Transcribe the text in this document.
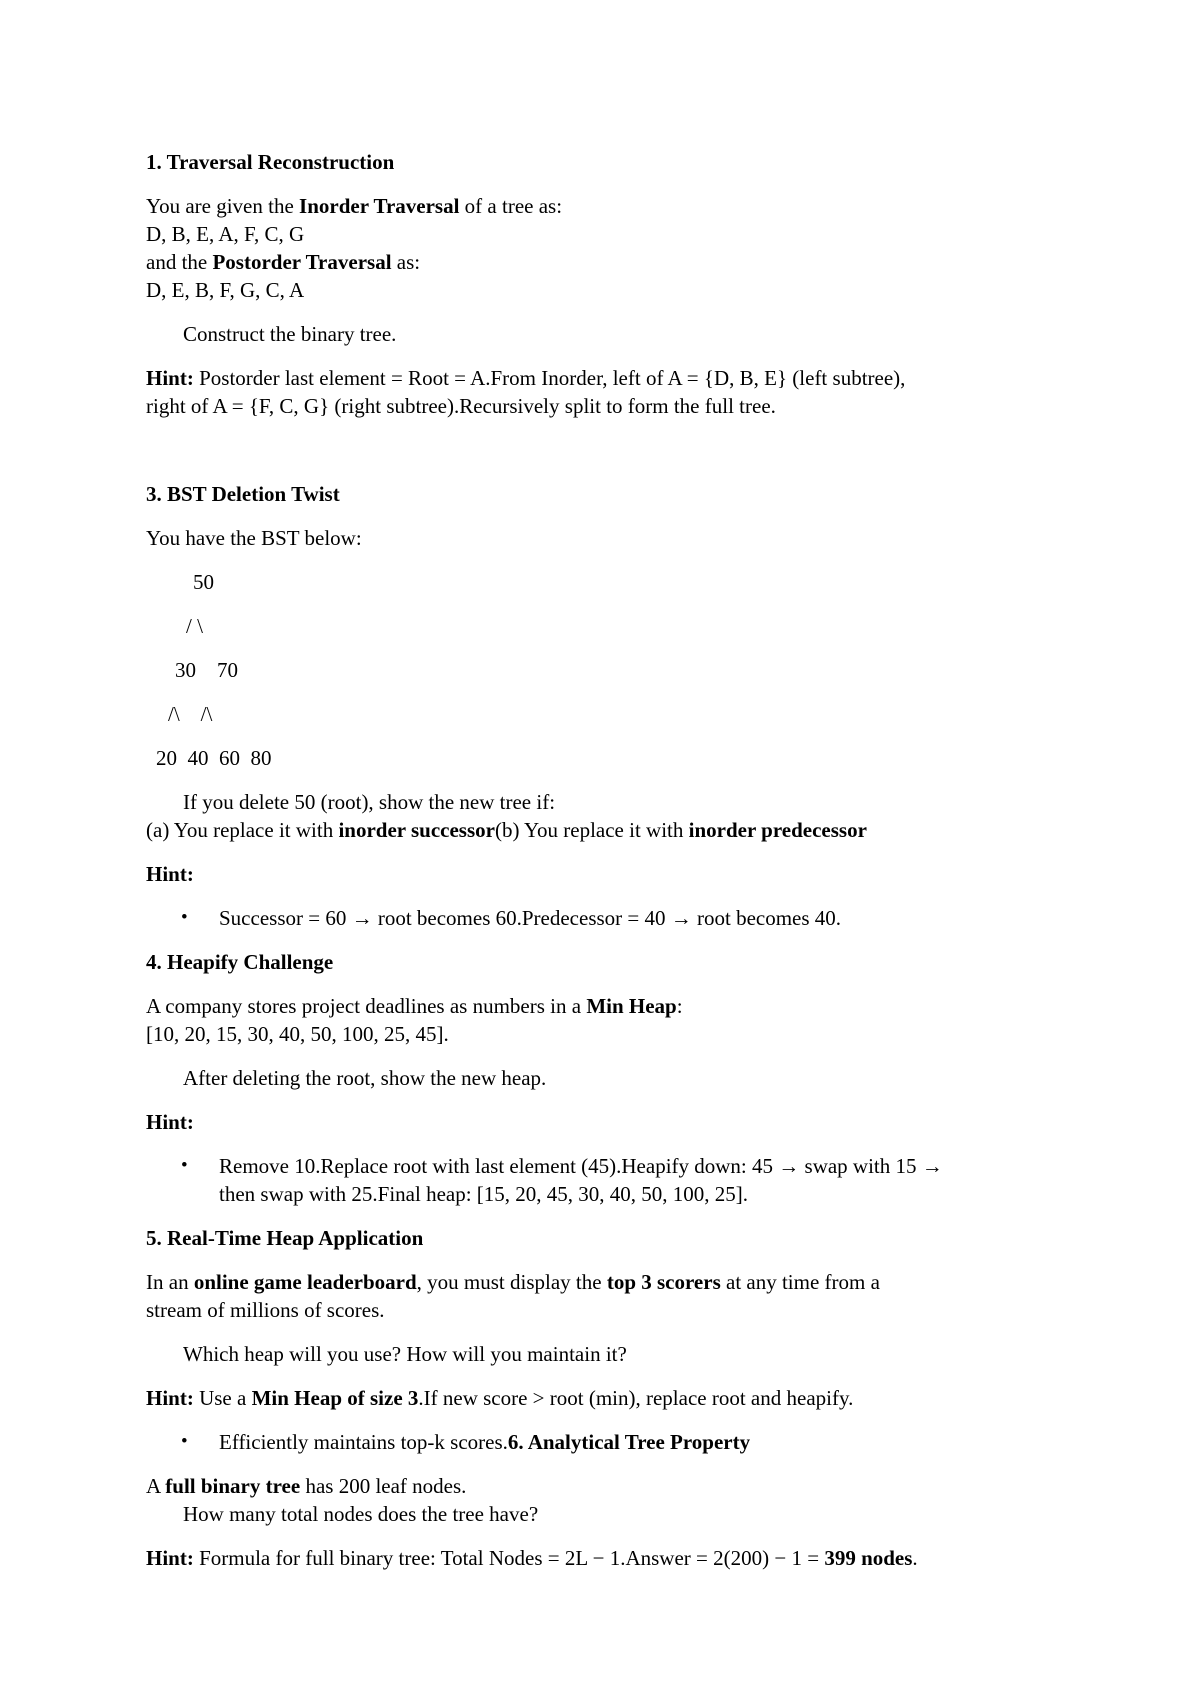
1. Traversal Reconstruction
You are given the Inorder Traversal of a tree as:
D, B, E, A, F, C, G
and the Postorder Traversal as:
D, E, B, F, G, C, A
Construct the binary tree.
Hint: Postorder last element = Root = A.From Inorder, left of A = {D, B, E} (left subtree),
right of A = {F, C, G} (right subtree).Recursively split to form the full tree.
3. BST Deletion Twist
You have the BST below:
50
/ \
30    70
/\    /\
20  40  60  80
If you delete 50 (root), show the new tree if:
(a) You replace it with inorder successor(b) You replace it with inorder predecessor
Hint:
• Successor = 60 → root becomes 60.Predecessor = 40 → root becomes 40.
4. Heapify Challenge
A company stores project deadlines as numbers in a Min Heap:
[10, 20, 15, 30, 40, 50, 100, 25, 45].
After deleting the root, show the new heap.
Hint:
• Remove 10.Replace root with last element (45).Heapify down: 45 → swap with 15 →
then swap with 25.Final heap: [15, 20, 45, 30, 40, 50, 100, 25].
5. Real-Time Heap Application
In an online game leaderboard, you must display the top 3 scorers at any time from a
stream of millions of scores.
Which heap will you use? How will you maintain it?
Hint: Use a Min Heap of size 3.If new score > root (min), replace root and heapify.
• Efficiently maintains top-k scores.6. Analytical Tree Property
A full binary tree has 200 leaf nodes.
How many total nodes does the tree have?
Hint: Formula for full binary tree: Total Nodes = 2L − 1.Answer = 2(200) − 1 = 399 nodes.
